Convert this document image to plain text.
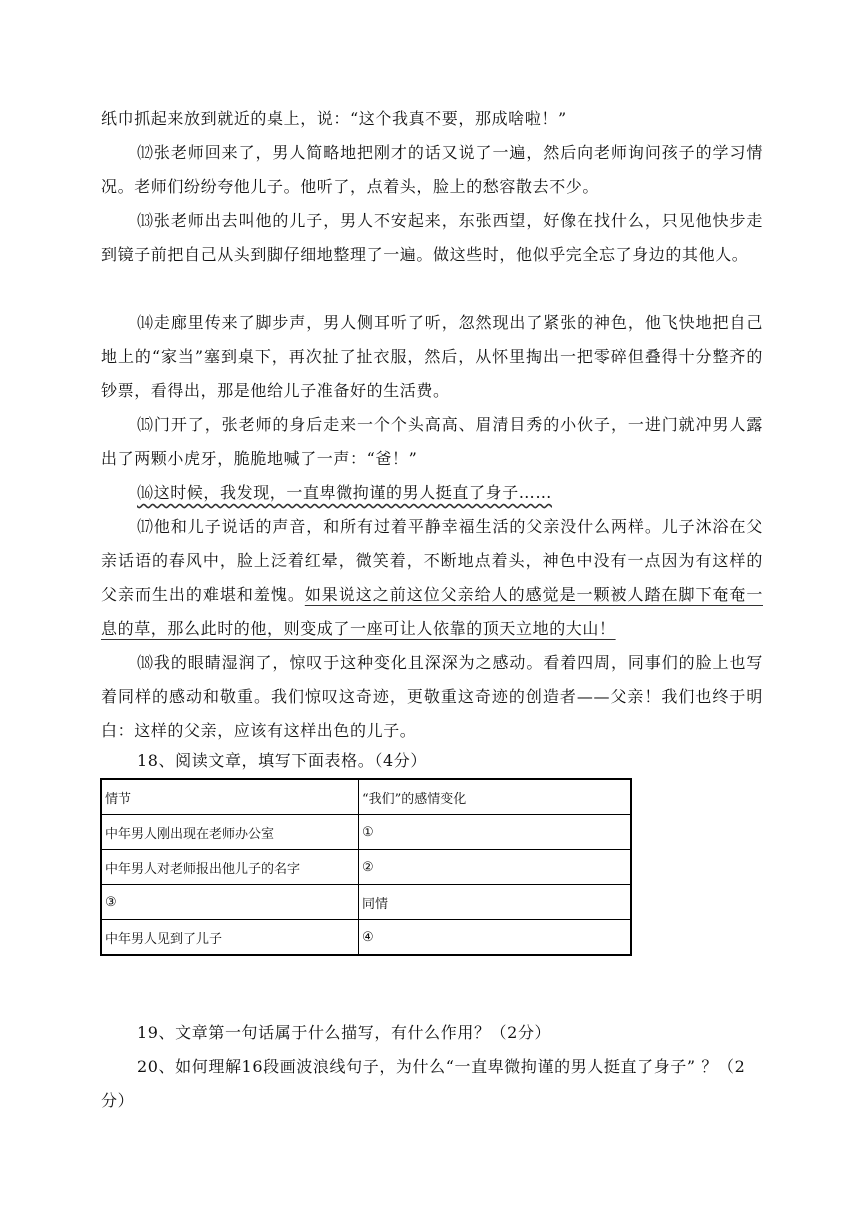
纸巾抓起来放到就近的桌上，说：“这个我真不要，那成啥啦！”

⑿张老师回来了，男人简略地把刚才的话又说了一遍，然后向老师询问孩子的学习情况。老师们纷纷夸他儿子。他听了，点着头，脸上的愁容散去不少。

⒀张老师出去叫他的儿子，男人不安起来，东张西望，好像在找什么，只见他快步走到镜子前把自己从头到脚仔细地整理了一遍。做这些时，他似乎完全忘了身边的其他人。

⒁走廊里传来了脚步声，男人侧耳听了听，忽然现出了紧张的神色，他飞快地把自己地上的“家当”塞到桌下，再次扯了扯衣服，然后，从怀里掏出一把零碎但叠得十分整齐的钞票，看得出，那是他给儿子准备好的生活费。

⒂门开了，张老师的身后走来一个个头高高、眉清目秀的小伙子，一进门就冲男人露出了两颗小虎牙，脆脆地喊了一声：“爸！”

⒃这时候，我发现，一直卑微拘谨的男人挺直了身子……

⒄他和儿子说话的声音，和所有过着平静幸福生活的父亲没什么两样。儿子沐浴在父亲话语的春风中，脸上泛着红晕，微笑着，不断地点着头，神色中没有一点因为有这样的父亲而生出的难堪和羞愧。如果说这之前这位父亲给人的感觉是一颗被人踏在脚下奄奄一息的草，那么此时的他，则变成了一座可让人依靠的顶天立地的大山！

⒅我的眼睛湿润了，惊叹于这种变化且深深为之感动。看着四周，同事们的脸上也写着同样的感动和敬重。我们惊叹这奇迹，更敬重这奇迹的创造者——父亲！我们也终于明白：这样的父亲，应该有这样出色的儿子。

18、阅读文章，填写下面表格。（4分）

情节	“我们”的感情变化
中年男人刚出现在老师办公室	①
中年男人对老师报出他儿子的名字	②
③	同情
中年男人见到了儿子	④

19、文章第一句话属于什么描写，有什么作用？（2分）

20、如何理解16段画波浪线句子，为什么“一直卑微拘谨的男人挺直了身子” ？（2分）
